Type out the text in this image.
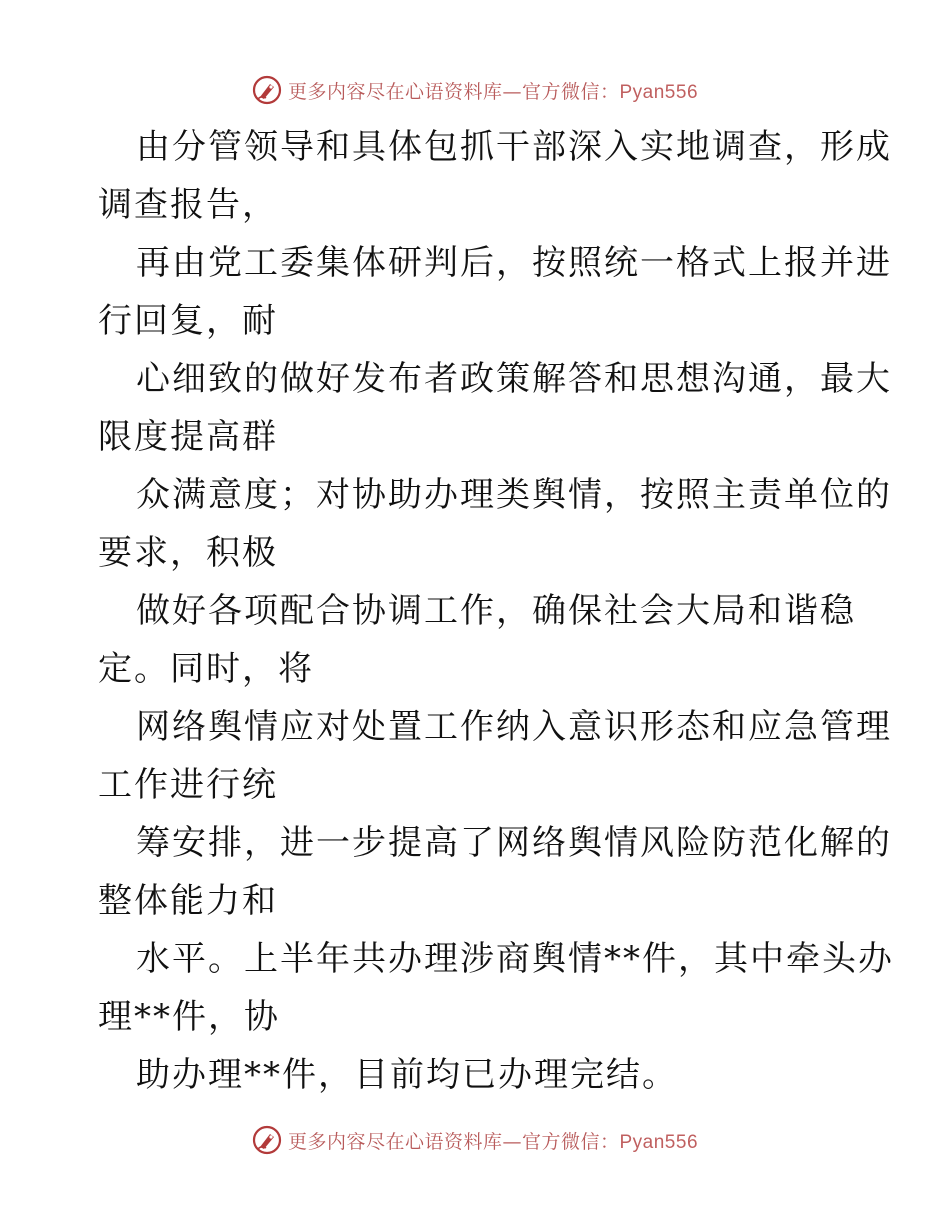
更多内容尽在心语资料库—官方微信：Pyan556
由分管领导和具体包抓干部深入实地调查，形成
调查报告，
再由党工委集体研判后，按照统一格式上报并进
行回复，耐
心细致的做好发布者政策解答和思想沟通，最大
限度提高群
众满意度；对协助办理类舆情，按照主责单位的
要求，积极
做好各项配合协调工作，确保社会大局和谐稳
定。同时，将
网络舆情应对处置工作纳入意识形态和应急管理
工作进行统
筹安排，进一步提高了网络舆情风险防范化解的
整体能力和
水平。上半年共办理涉商舆情**件，其中牵头办
理**件，协
助办理**件，目前均已办理完结。
更多内容尽在心语资料库—官方微信：Pyan556
